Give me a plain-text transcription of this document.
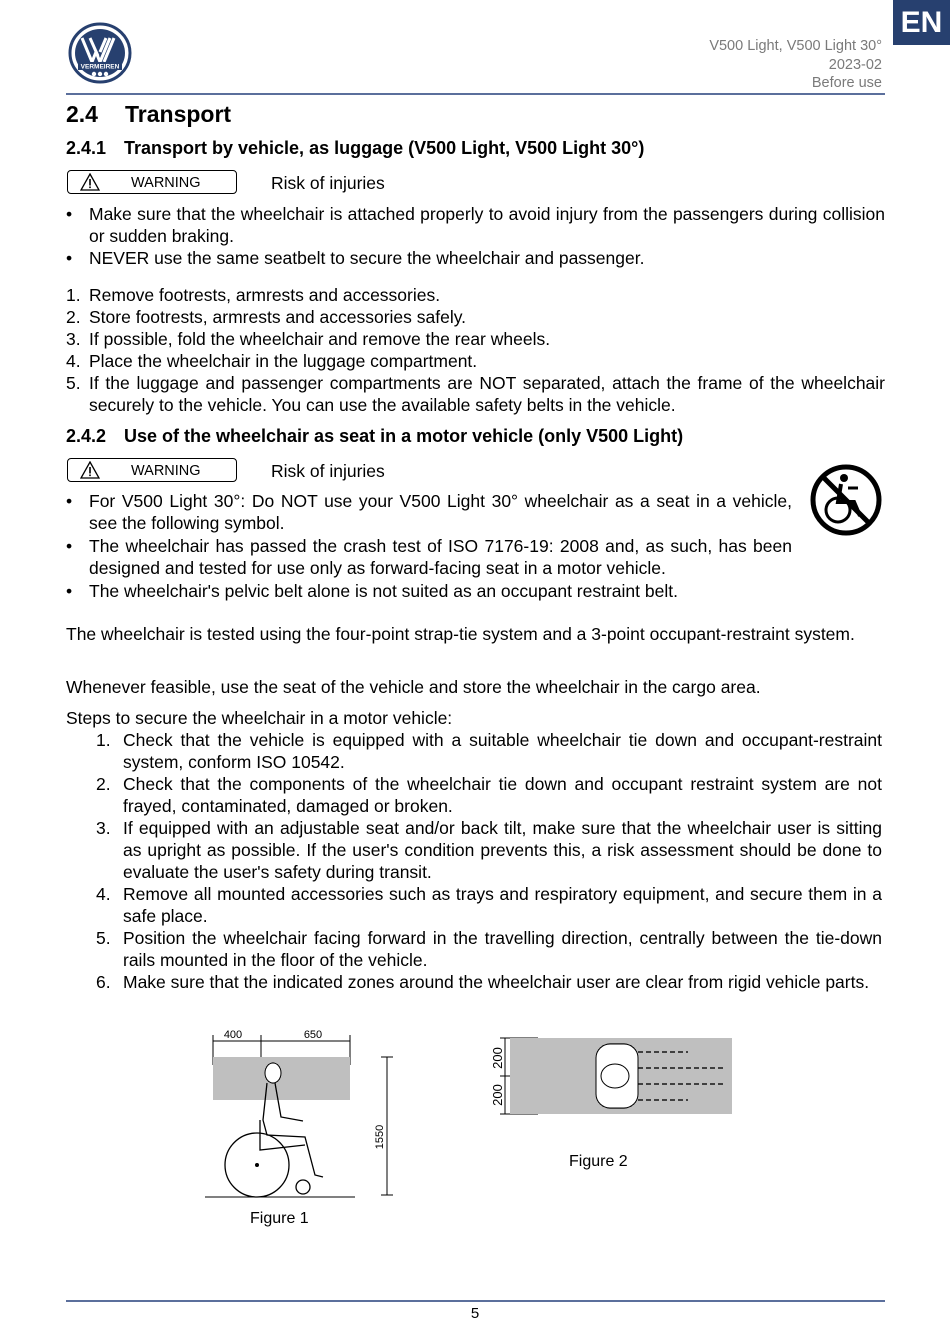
VERMEIREN
EN
V500 Light, V500 Light 30°
2023-02
Before use
2.4 Transport
2.4.1 Transport by vehicle, as luggage (V500 Light, V500 Light 30°)
WARNING	Risk of injuries
• Make sure that the wheelchair is attached properly to avoid injury from the passengers during collision or sudden braking.
• NEVER use the same seatbelt to secure the wheelchair and passenger.
1. Remove footrests, armrests and accessories.
2. Store footrests, armrests and accessories safely.
3. If possible, fold the wheelchair and remove the rear wheels.
4. Place the wheelchair in the luggage compartment.
5. If the luggage and passenger compartments are NOT separated, attach the frame of the wheelchair securely to the vehicle. You can use the available safety belts in the vehicle.
2.4.2 Use of the wheelchair as seat in a motor vehicle (only V500 Light)
WARNING	Risk of injuries
• For V500 Light 30°: Do NOT use your V500 Light 30° wheelchair as a seat in a vehicle, see the following symbol.
• The wheelchair has passed the crash test of ISO 7176-19: 2008 and, as such, has been designed and tested for use only as forward-facing seat in a motor vehicle.
• The wheelchair's pelvic belt alone is not suited as an occupant restraint belt.
The wheelchair is tested using the four-point strap-tie system and a 3-point occupant-restraint system.
Whenever feasible, use the seat of the vehicle and store the wheelchair in the cargo area.
Steps to secure the wheelchair in a motor vehicle:
1. Check that the vehicle is equipped with a suitable wheelchair tie down and occupant-restraint system, conform ISO 10542.
2. Check that the components of the wheelchair tie down and occupant restraint system are not frayed, contaminated, damaged or broken.
3. If equipped with an adjustable seat and/or back tilt, make sure that the wheelchair user is sitting as upright as possible. If the user's condition prevents this, a risk assessment should be done to evaluate the user's safety during transit.
4. Remove all mounted accessories such as trays and respiratory equipment, and secure them in a safe place.
5. Position the wheelchair facing forward in the travelling direction, centrally between the tie-down rails mounted in the floor of the vehicle.
6. Make sure that the indicated zones around the wheelchair user are clear from rigid vehicle parts.
400	650
1550
Figure 1
200
200
Figure 2
5
